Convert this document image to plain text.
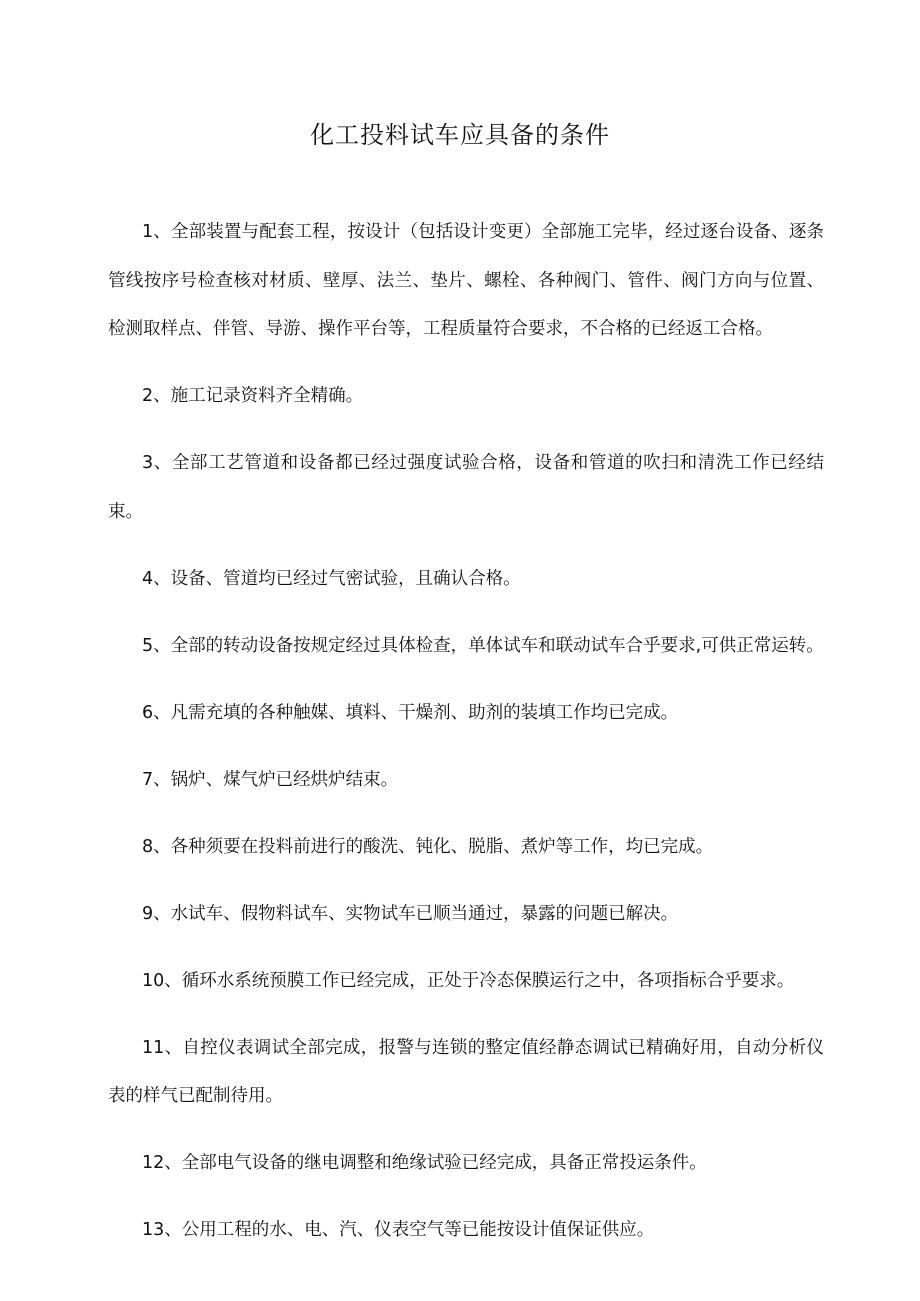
化工投料试车应具备的条件

1、全部装置与配套工程，按设计（包括设计变更）全部施工完毕，经过逐台设备、逐条管线按序号检查核对材质、壁厚、法兰、垫片、螺栓、各种阀门、管件、阀门方向与位置、检测取样点、伴管、导游、操作平台等，工程质量符合要求，不合格的已经返工合格。

2、施工记录资料齐全精确。

3、全部工艺管道和设备都已经过强度试验合格，设备和管道的吹扫和清洗工作已经结束。

4、设备、管道均已经过气密试验，且确认合格。

5、全部的转动设备按规定经过具体检查，单体试车和联动试车合乎要求,可供正常运转。

6、凡需充填的各种触媒、填料、干燥剂、助剂的装填工作均已完成。

7、锅炉、煤气炉已经烘炉结束。

8、各种须要在投料前进行的酸洗、钝化、脱脂、煮炉等工作，均已完成。

9、水试车、假物料试车、实物试车已顺当通过，暴露的问题已解决。

10、循环水系统预膜工作已经完成，正处于冷态保膜运行之中，各项指标合乎要求。

11、自控仪表调试全部完成，报警与连锁的整定值经静态调试已精确好用，自动分析仪表的样气已配制待用。

12、全部电气设备的继电调整和绝缘试验已经完成，具备正常投运条件。

13、公用工程的水、电、汽、仪表空气等已能按设计值保证供应。
